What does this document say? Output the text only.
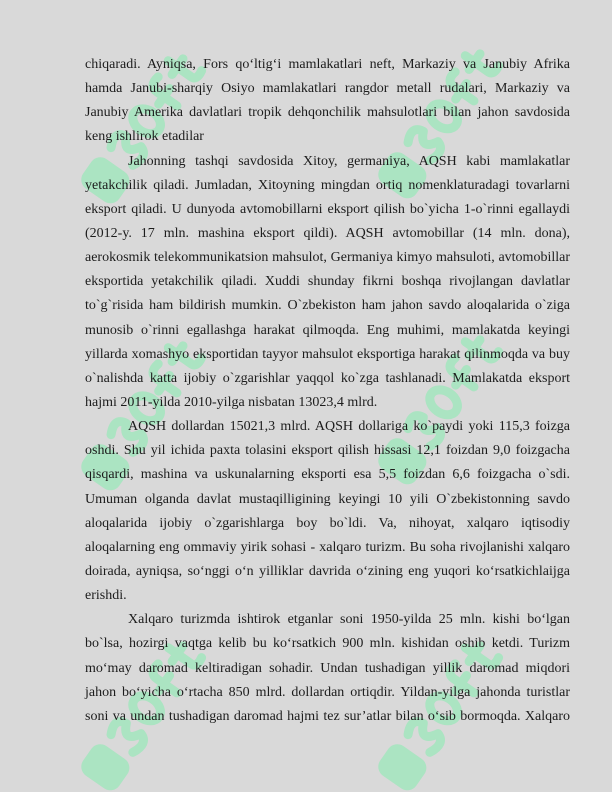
chiqaradi. Ayniqsa, Fors qo‘ltig‘i mamlakatlari neft, Markaziy va Janubiy Afrika
hamda Janubi-sharqiy Osiyo mamlakatlari rangdor metall rudalari, Markaziy va
Janubiy Amerika davlatlari tropik dehqonchilik mahsulotlari bilan jahon savdosida
keng ishlirok etadilar
Jahonning tashqi savdosida Xitoy, germaniya, AQSH kabi mamlakatlar
yetakchilik qiladi. Jumladan, Xitoyning mingdan ortiq nomenklaturadagi tovarlarni
eksport qiladi. U dunyoda avtomobillarni eksport qilish bo`yicha 1-o`rinni egallaydi
(2012-y. 17 mln. mashina eksport qildi). AQSH avtomobillar (14 mln. dona),
aerokosmik telekommunikatsion mahsulot, Germaniya kimyo mahsuloti, avtomobillar
eksportida yetakchilik qiladi. Xuddi shunday fikrni boshqa rivojlangan davlatlar
to`g`risida ham bildirish mumkin. O`zbekiston ham jahon savdo aloqalarida o`ziga
munosib o`rinni egallashga harakat qilmoqda. Eng muhimi, mamlakatda keyingi
yillarda xomashyo eksportidan tayyor mahsulot eksportiga harakat qilinmoqda va buy
o`nalishda katta ijobiy o`zgarishlar yaqqol ko`zga tashlanadi. Mamlakatda eksport
hajmi 2011-yilda 2010-yilga nisbatan 13023,4 mlrd.
AQSH dollardan 15021,3 mlrd. AQSH dollariga ko`paydi yoki 115,3 foizga
oshdi. Shu yil ichida paxta tolasini eksport qilish hissasi 12,1 foizdan 9,0 foizgacha
qisqardi, mashina va uskunalarning eksporti esa 5,5 foizdan 6,6 foizgacha o`sdi.
Umuman olganda davlat mustaqilligining keyingi 10 yili O`zbekistonning savdo
aloqalarida ijobiy o`zgarishlarga boy bo`ldi. Va, nihoyat, xalqaro iqtisodiy
aloqalarning eng ommaviy yirik sohasi - xalqaro turizm. Bu soha rivojlanishi xalqaro
doirada, ayniqsa, so‘nggi o‘n yilliklar davrida o‘zining eng yuqori ko‘rsatkichlaijga
erishdi.
Xalqaro turizmda ishtirok etganlar soni 1950-yilda 25 mln. kishi bo‘lgan
bo`lsa, hozirgi vaqtga kelib bu ko‘rsatkich 900 mln. kishidan oshib ketdi. Turizm
mo‘may daromad keltiradigan sohadir. Undan tushadigan yillik daromad miqdori
jahon bo‘yicha o‘rtacha 850 mlrd. dollardan ortiqdir. Yildan-yilga jahonda turistlar
soni va undan tushadigan daromad hajmi tez sur’atlar bilan o‘sib bormoqda. Xalqaro
